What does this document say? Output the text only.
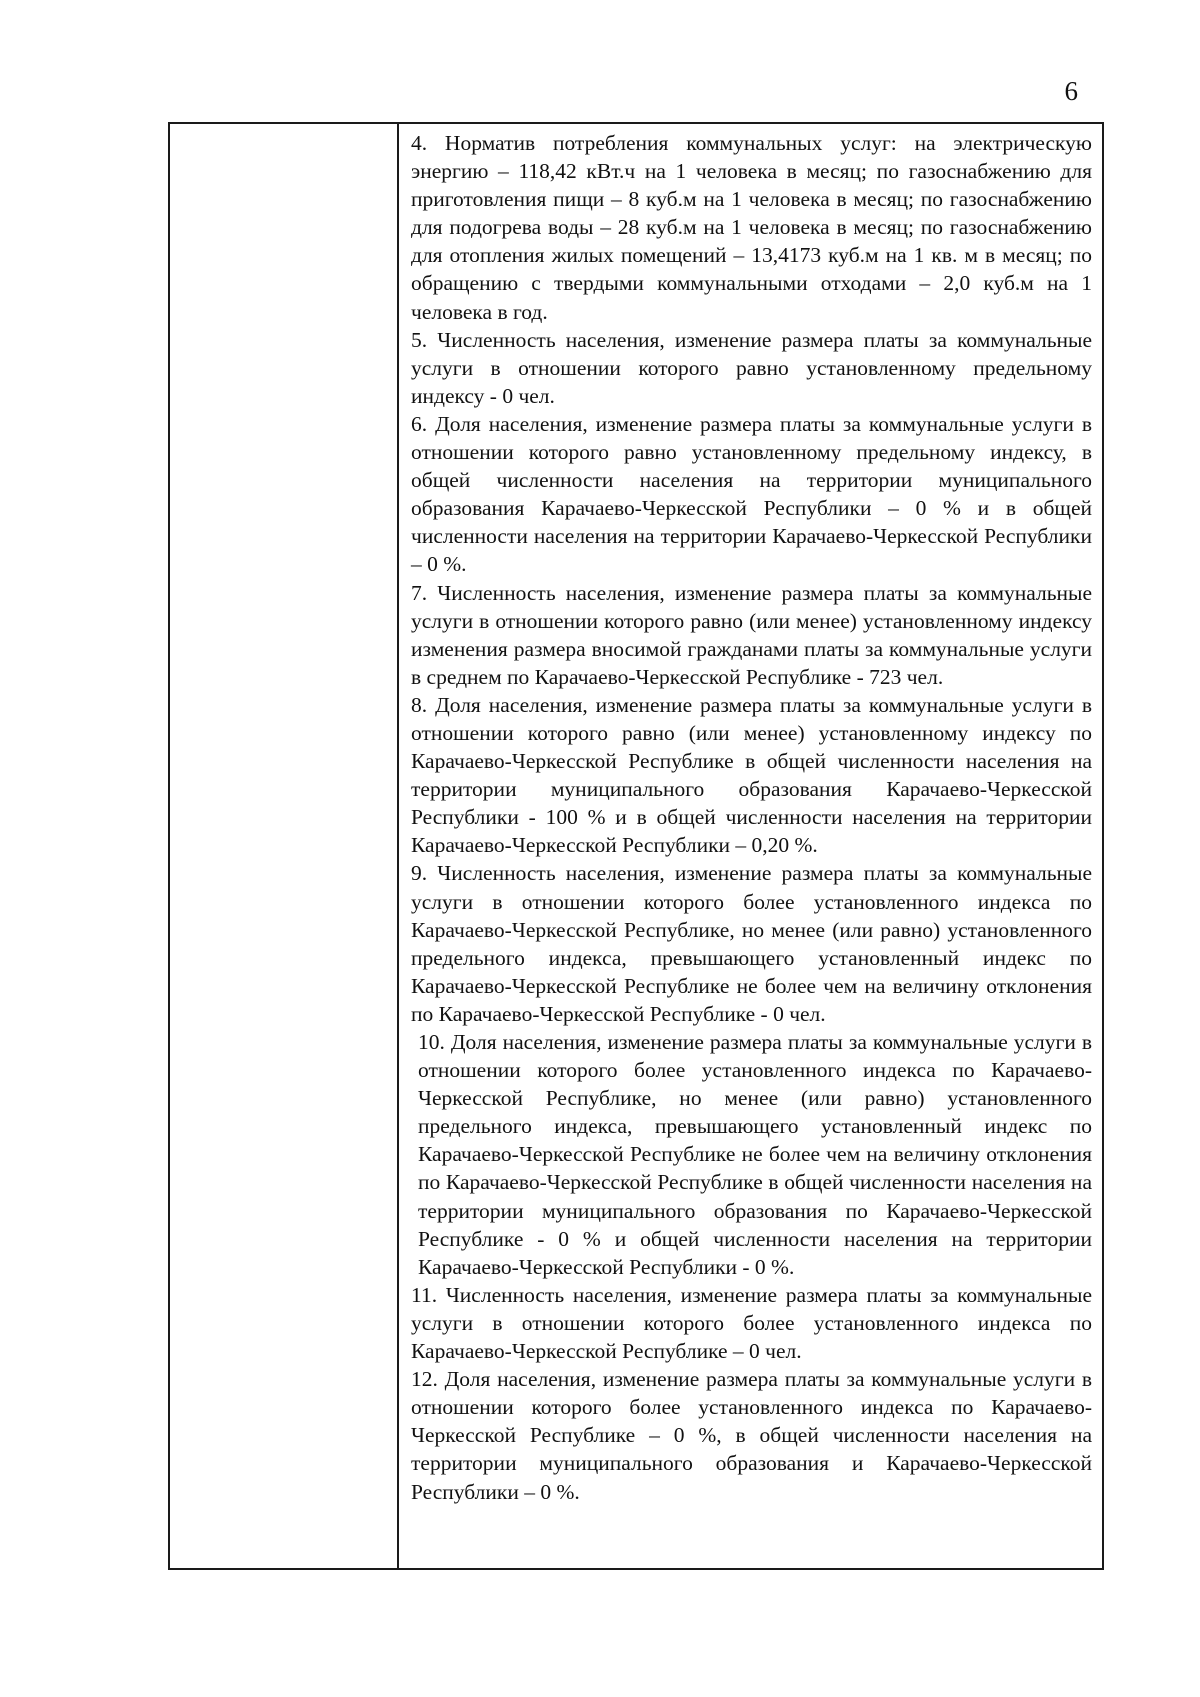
6

4. Норматив потребления коммунальных услуг: на электрическую энергию – 118,42 кВт.ч на 1 человека в месяц; по газоснабжению для приготовления пищи – 8 куб.м на 1 человека в месяц; по газоснабжению для подогрева воды – 28 куб.м на 1 человека в месяц; по газоснабжению для отопления жилых помещений – 13,4173 куб.м на 1 кв. м в месяц; по обращению с твердыми коммунальными отходами – 2,0 куб.м на 1 человека в год.

5. Численность населения, изменение размера платы за коммунальные услуги в отношении которого равно установленному предельному индексу - 0 чел.

6. Доля населения, изменение размера платы за коммунальные услуги в отношении которого равно установленному предельному индексу, в общей численности населения на территории муниципального образования Карачаево-Черкесской Республики – 0 % и в общей численности населения на территории Карачаево-Черкесской Республики – 0 %.

7. Численность населения, изменение размера платы за коммунальные услуги в отношении которого равно (или менее) установленному индексу изменения размера вносимой гражданами платы за коммунальные услуги в среднем по Карачаево-Черкесской Республике - 723 чел.

8. Доля населения, изменение размера платы за коммунальные услуги в отношении которого равно (или менее) установленному индексу по Карачаево-Черкесской Республике в общей численности населения на территории муниципального образования Карачаево-Черкесской Республики - 100 % и в общей численности населения на территории Карачаево-Черкесской Республики – 0,20 %.

9. Численность населения, изменение размера платы за коммунальные услуги в отношении которого более установленного индекса по Карачаево-Черкесской Республике, но менее (или равно) установленного предельного индекса, превышающего установленный индекс по Карачаево-Черкесской Республике не более чем на величину отклонения по Карачаево-Черкесской Республике - 0 чел.

10. Доля населения, изменение размера платы за коммунальные услуги в отношении которого более установленного индекса по Карачаево-Черкесской Республике, но менее (или равно) установленного предельного индекса, превышающего установленный индекс по Карачаево-Черкесской Республике не более чем на величину отклонения по Карачаево-Черкесской Республике в общей численности населения на территории муниципального образования по Карачаево-Черкесской Республике - 0 % и общей численности населения на территории Карачаево-Черкесской Республики - 0 %.

11. Численность населения, изменение размера платы за коммунальные услуги в отношении которого более установленного индекса по Карачаево-Черкесской Республике – 0 чел.

12. Доля населения, изменение размера платы за коммунальные услуги в отношении которого более установленного индекса по Карачаево-Черкесской Республике – 0 %, в общей численности населения на территории муниципального образования и Карачаево-Черкесской Республики – 0 %.
